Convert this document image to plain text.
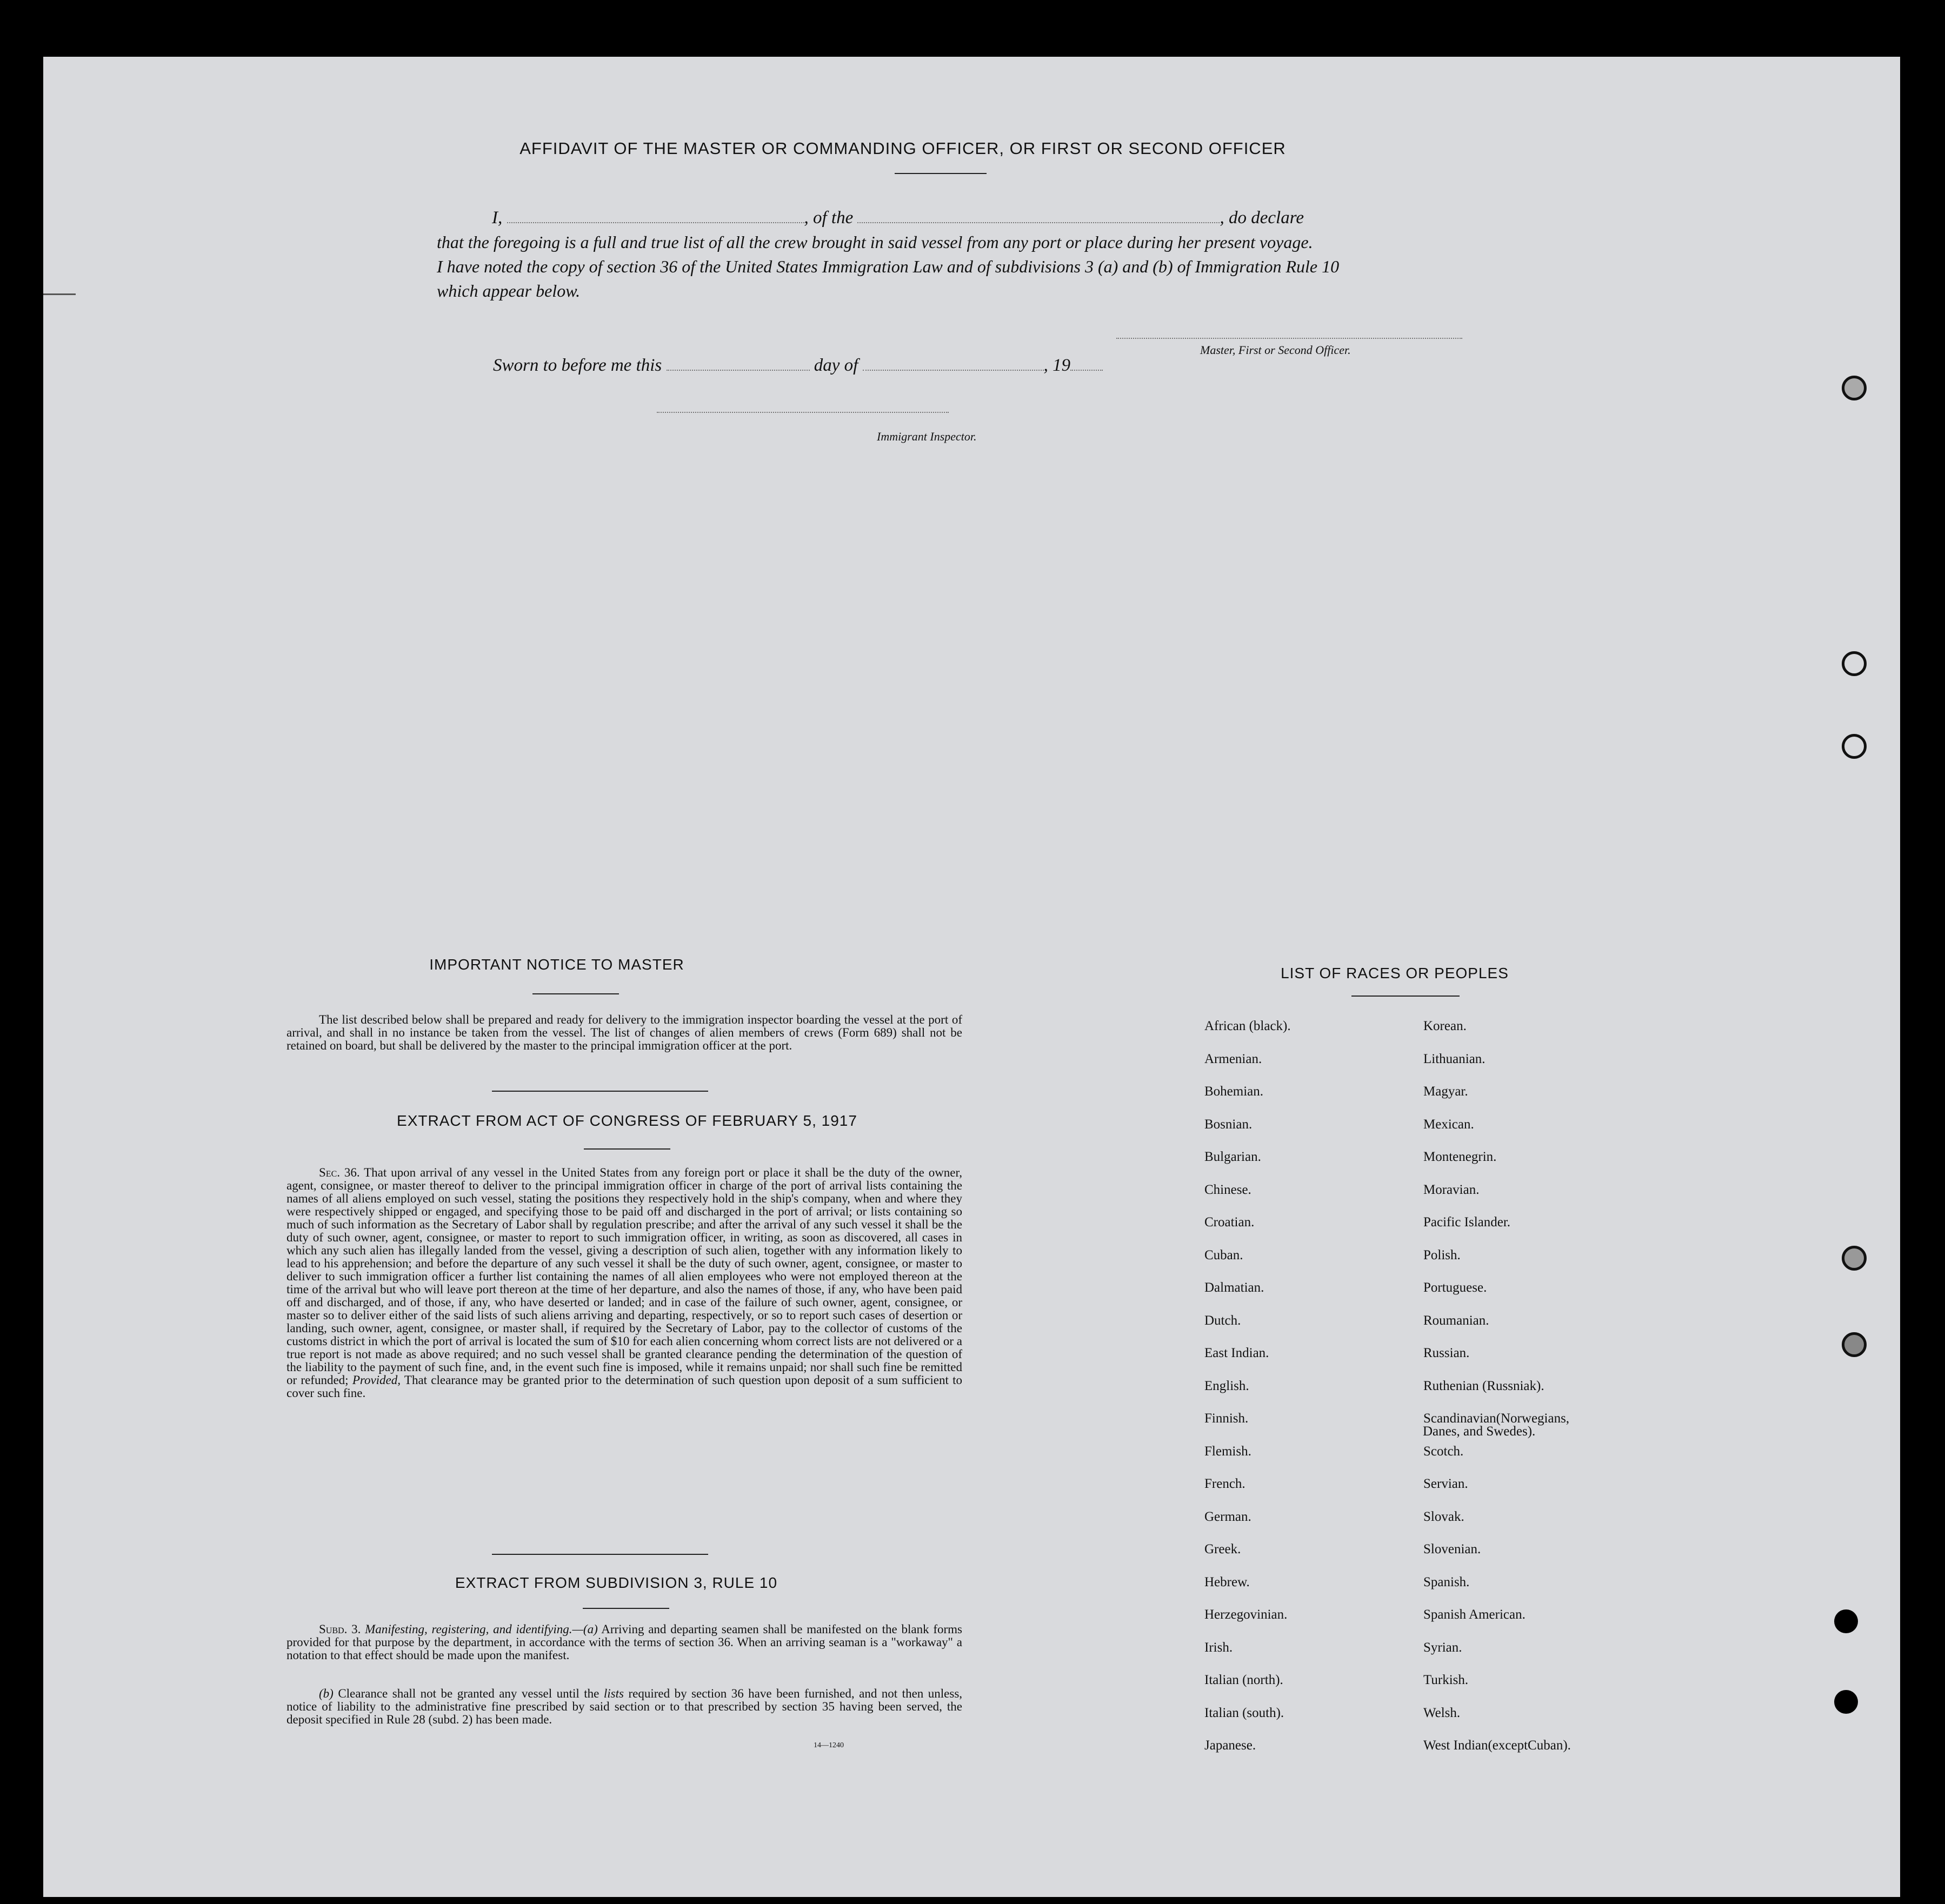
AFFIDAVIT OF THE MASTER OR COMMANDING OFFICER, OR FIRST OR SECOND OFFICER
I,	, of the	, do declare
that the foregoing is a full and true list of all the crew brought in said vessel from any port or place during her present voyage.
I have noted the copy of section 36 of the United States Immigration Law and of subdivisions 3 (a) and (b) of Immigration Rule 10
which appear below.
Master, First or Second Officer.
Sworn to before me this	day of	, 19
Immigrant Inspector.
IMPORTANT NOTICE TO MASTER
The list described below shall be prepared and ready for delivery to the immigration inspector boarding the vessel at the port of arrival, and shall in no instance be taken from the vessel. The list of changes of alien members of crews (Form 689) shall not be retained on board, but shall be delivered by the master to the principal immigration officer at the port.
EXTRACT FROM ACT OF CONGRESS OF FEBRUARY 5, 1917
Sec. 36. That upon arrival of any vessel in the United States from any foreign port or place it shall be the duty of the owner, agent, consignee, or master thereof to deliver to the principal immigration officer in charge of the port of arrival lists containing the names of all aliens employed on such vessel, stating the positions they respectively hold in the ship's company, when and where they were respectively shipped or engaged, and specifying those to be paid off and discharged in the port of arrival; or lists containing so much of such information as the Secretary of Labor shall by regulation prescribe; and after the arrival of any such vessel it shall be the duty of such owner, agent, consignee, or master to report to such immigration officer, in writing, as soon as discovered, all cases in which any such alien has illegally landed from the vessel, giving a description of such alien, together with any information likely to lead to his apprehension; and before the departure of any such vessel it shall be the duty of such owner, agent, consignee, or master to deliver to such immigration officer a further list containing the names of all alien employees who were not employed thereon at the time of the arrival but who will leave port thereon at the time of her departure, and also the names of those, if any, who have been paid off and discharged, and of those, if any, who have deserted or landed; and in case of the failure of such owner, agent, consignee, or master so to deliver either of the said lists of such aliens arriving and departing, respectively, or so to report such cases of desertion or landing, such owner, agent, consignee, or master shall, if required by the Secretary of Labor, pay to the collector of customs of the customs district in which the port of arrival is located the sum of $10 for each alien concerning whom correct lists are not delivered or a true report is not made as above required; and no such vessel shall be granted clearance pending the determination of the question of the liability to the payment of such fine, and, in the event such fine is imposed, while it remains unpaid; nor shall such fine be remitted or refunded; Provided, That clearance may be granted prior to the determination of such question upon deposit of a sum sufficient to cover such fine.
EXTRACT FROM SUBDIVISION 3, RULE 10
Subd. 3. Manifesting, registering, and identifying.—(a) Arriving and departing seamen shall be manifested on the blank forms provided for that purpose by the department, in accordance with the terms of section 36. When an arriving seaman is a "workaway" a notation to that effect should be made upon the manifest.
(b) Clearance shall not be granted any vessel until the lists required by section 36 have been furnished, and not then unless, notice of liability to the administrative fine prescribed by said section or to that prescribed by section 35 having been served, the deposit specified in Rule 28 (subd. 2) has been made.
14—1240
LIST OF RACES OR PEOPLES
African (black).
Armenian.
Bohemian.
Bosnian.
Bulgarian.
Chinese.
Croatian.
Cuban.
Dalmatian.
Dutch.
East Indian.
English.
Finnish.
Flemish.
French.
German.
Greek.
Hebrew.
Herzegovinian.
Irish.
Italian (north).
Italian (south).
Japanese.
Korean.
Lithuanian.
Magyar.
Mexican.
Montenegrin.
Moravian.
Pacific Islander.
Polish.
Portuguese.
Roumanian.
Russian.
Ruthenian (Russniak).
Scandinavian(Norwegians,
Danes, and Swedes).
Scotch.
Servian.
Slovak.
Slovenian.
Spanish.
Spanish American.
Syrian.
Turkish.
Welsh.
West Indian(exceptCuban).
